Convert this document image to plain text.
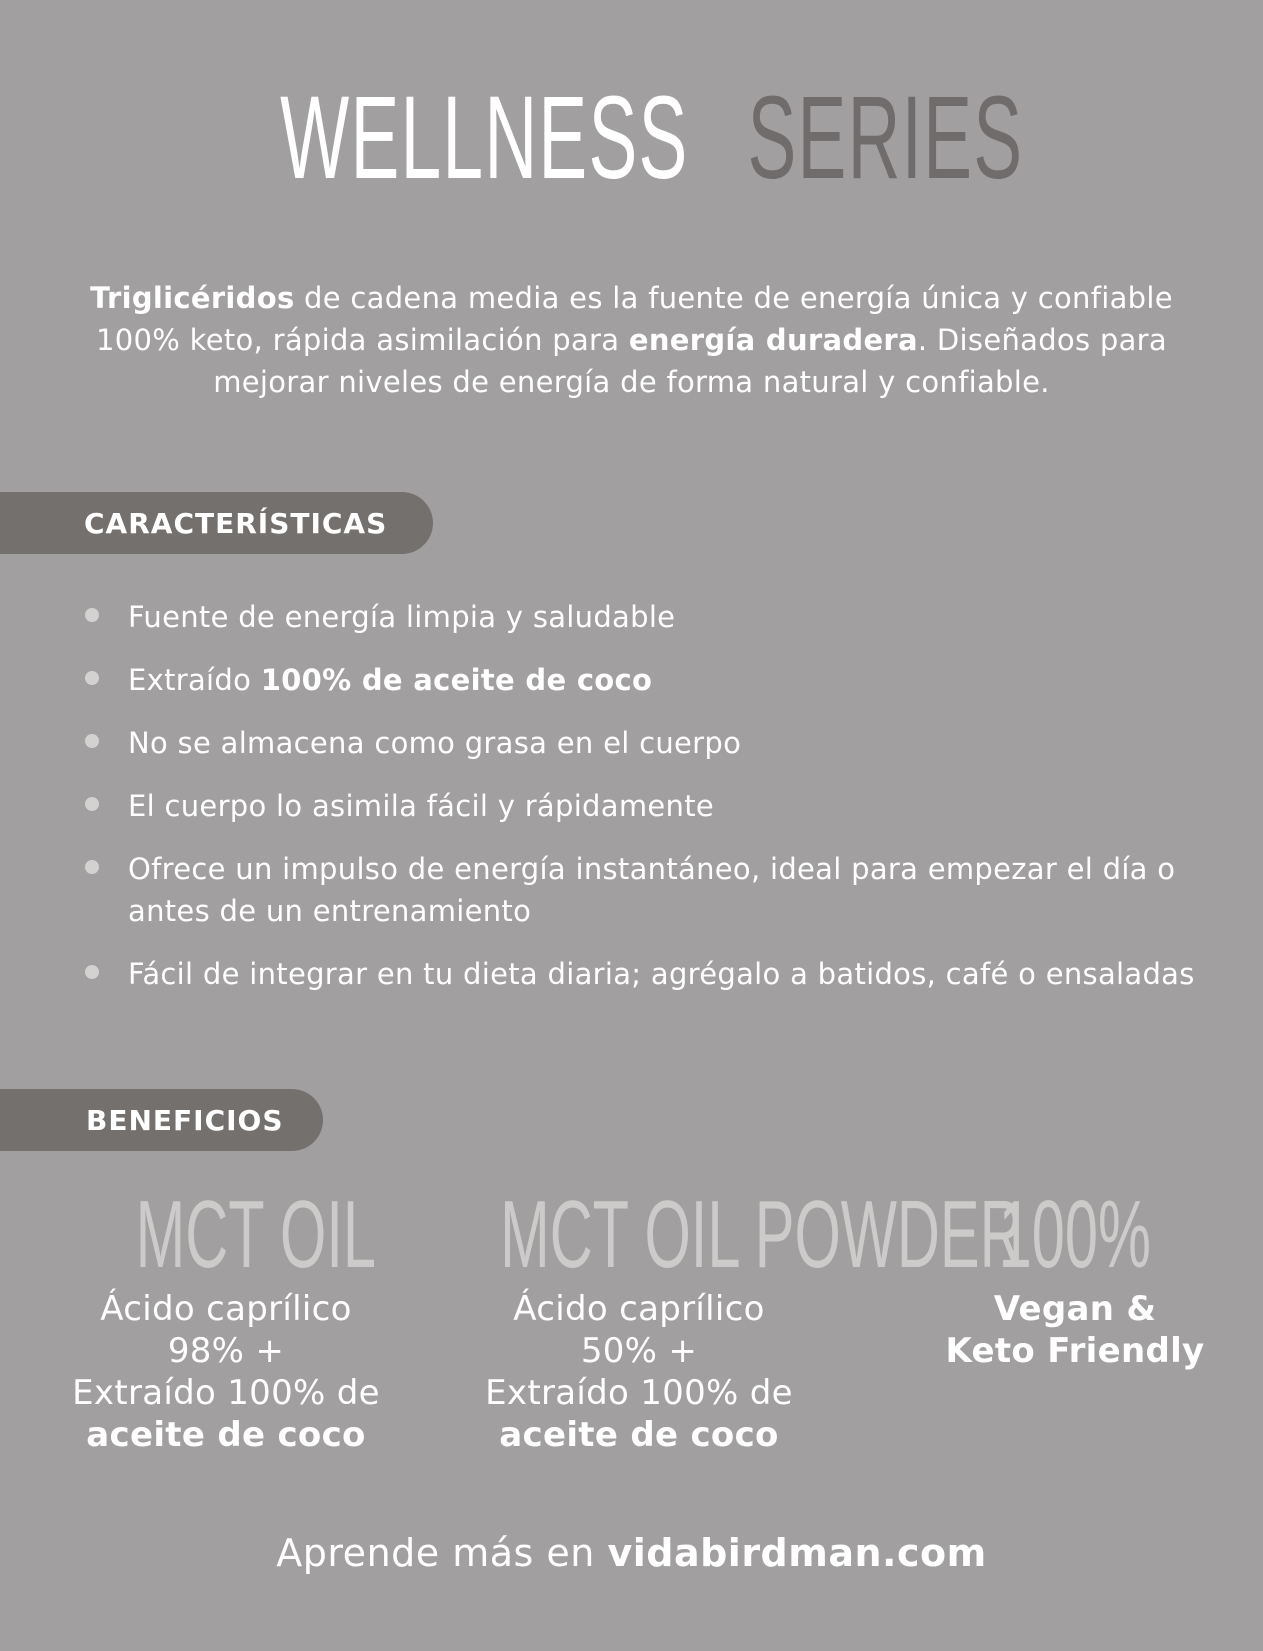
WELLNESS SERIES
Triglicéridos de cadena media es la fuente de energía única y confiable 100% keto, rápida asimilación para energía duradera. Diseñados para mejorar niveles de energía de forma natural y confiable.
CARACTERÍSTICAS
Fuente de energía limpia y saludable
Extraído 100% de aceite de coco
No se almacena como grasa en el cuerpo
El cuerpo lo asimila fácil y rápidamente
Ofrece un impulso de energía instantáneo, ideal para empezar el día o antes de un entrenamiento
Fácil de integrar en tu dieta diaria; agrégalo a batidos, café o ensaladas
BENEFICIOS
MCT OIL	MCT OIL POWDER
100%
Ácido caprílico
98% +
Extraído 100% de
aceite de coco
Ácido caprílico
50% +
Extraído 100% de
aceite de coco
Vegan &
Keto Friendly
Aprende más en vidabirdman.com
